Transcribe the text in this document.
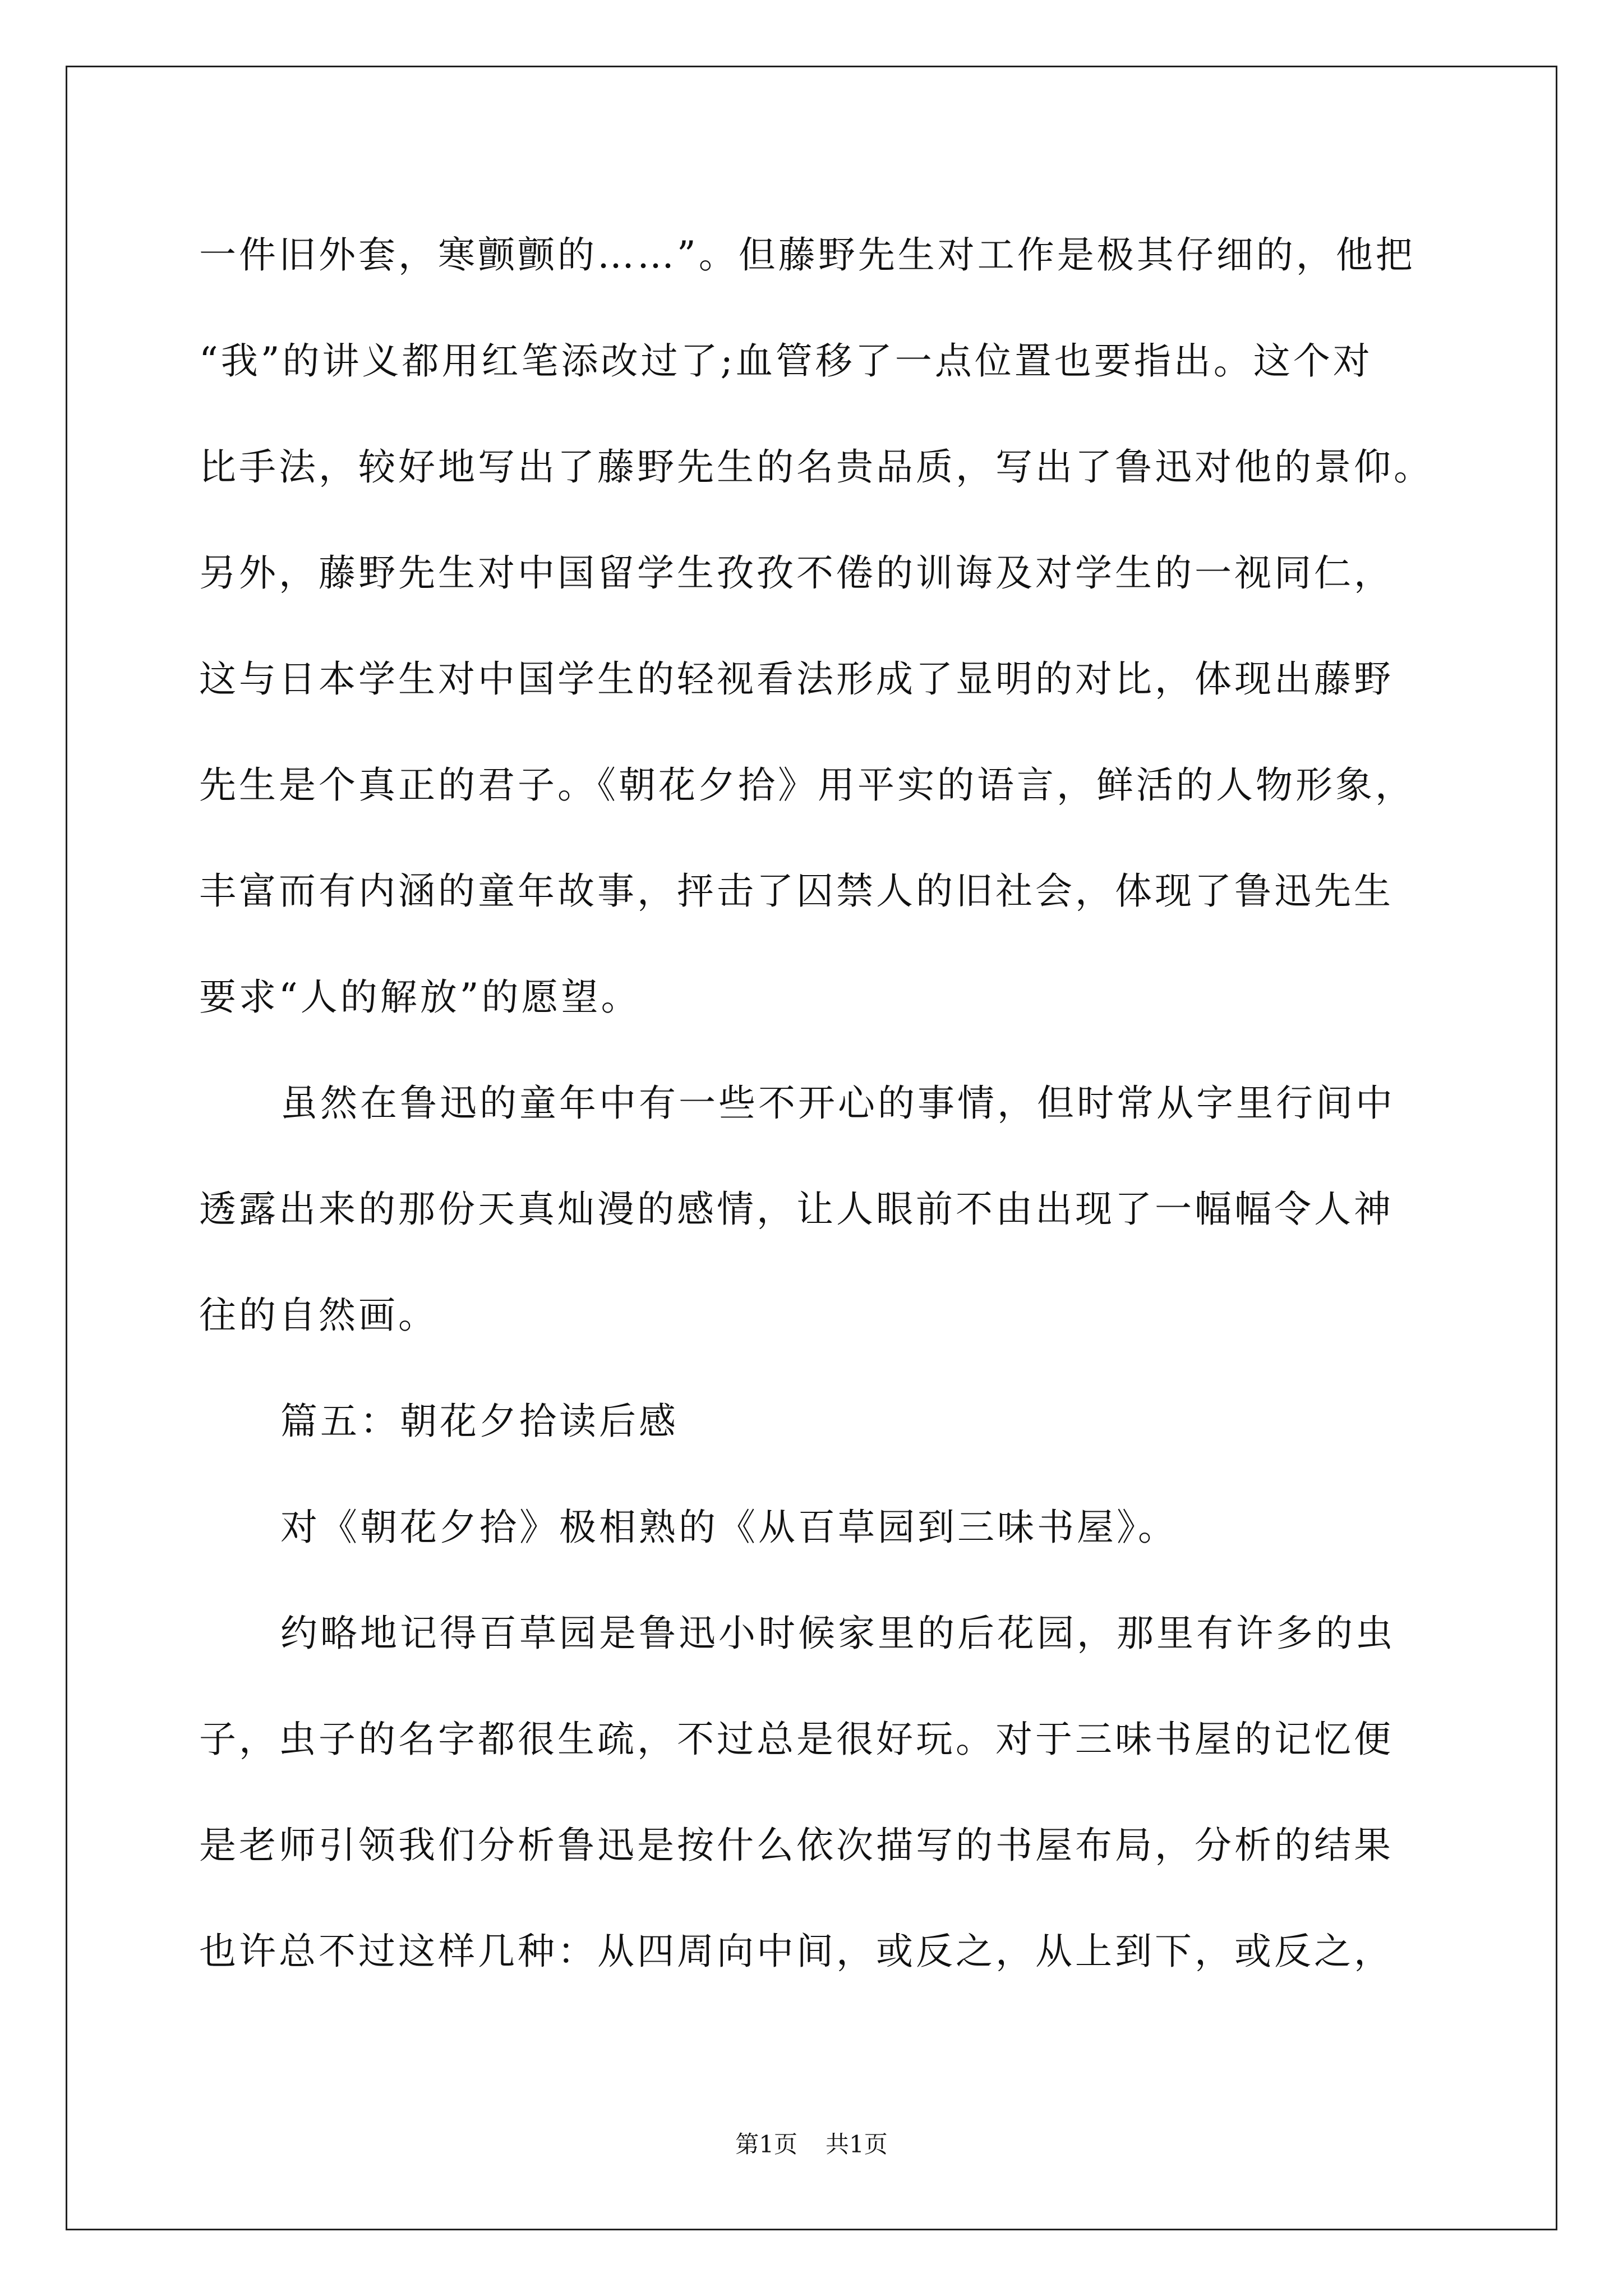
一件旧外套，寒颤颤的……”。但藤野先生对工作是极其仔细的，他把
“我”的讲义都用红笔添改过了;血管移了一点位置也要指出。这个对
比手法，较好地写出了藤野先生的名贵品质，写出了鲁迅对他的景仰。
另外，藤野先生对中国留学生孜孜不倦的训诲及对学生的一视同仁，
这与日本学生对中国学生的轻视看法形成了显明的对比，体现出藤野
先生是个真正的君子。《朝花夕拾》用平实的语言，鲜活的人物形象，
丰富而有内涵的童年故事，抨击了囚禁人的旧社会，体现了鲁迅先生
要求“人的解放”的愿望。
虽然在鲁迅的童年中有一些不开心的事情，但时常从字里行间中
透露出来的那份天真灿漫的感情，让人眼前不由出现了一幅幅令人神
往的自然画。
篇五：朝花夕拾读后感
对《朝花夕拾》极相熟的《从百草园到三味书屋》。
约略地记得百草园是鲁迅小时候家里的后花园，那里有许多的虫
子，虫子的名字都很生疏，不过总是很好玩。对于三味书屋的记忆便
是老师引领我们分析鲁迅是按什么依次描写的书屋布局，分析的结果
也许总不过这样几种：从四周向中间，或反之，从上到下，或反之，
第1页 共1页
